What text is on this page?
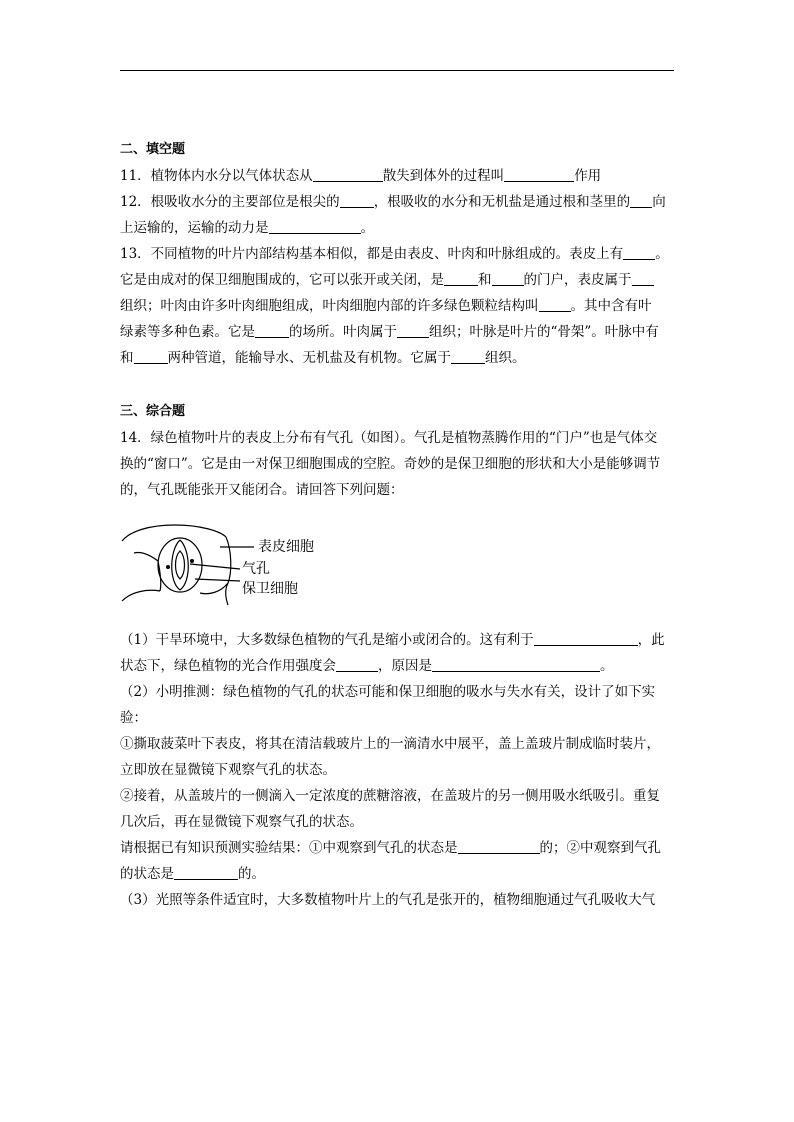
二、填空题
11．植物体内水分以气体状态从	散失到体外的过程叫	作用
12．根吸收水分的主要部位是根尖的	，根吸收的水分和无机盐是通过根和茎里的 向
上运输的，运输的动力是	。
13．不同植物的叶片内部结构基本相似，都是由表皮、叶肉和叶脉组成的。表皮上有 。
它是由成对的保卫细胞围成的，它可以张开或关闭，是	和 的门户，表皮属于
组织；叶肉由许多叶肉细胞组成，叶肉细胞内部的许多绿色颗粒结构叫 。其中含有叶
绿素等多种色素。它是	的场所。叶肉属于 组织；叶脉是叶片的“骨架”。叶脉中有
和	两种管道，能输导水、无机盐及有机物。它属于	组织。
三、综合题
14．绿色植物叶片的表皮上分布有气孔（如图）。气孔是植物蒸腾作用的“门户”也是气体交
换的“窗口”。它是由一对保卫细胞围成的空腔。奇妙的是保卫细胞的形状和大小是能够调节
的，气孔既能张开又能闭合。请回答下列问题：
表皮细胞
气孔
保卫细胞
（1）干旱环境中，大多数绿色植物的气孔是缩小或闭合的。这有利于	，此
状态下，绿色植物的光合作用强度会	，原因是	。
（2）小明推测：绿色植物的气孔的状态可能和保卫细胞的吸水与失水有关，设计了如下实
验：
①撕取菠菜叶下表皮，将其在清洁载玻片上的一滴清水中展平，盖上盖玻片制成临时装片，
立即放在显微镜下观察气孔的状态。
②接着，从盖玻片的一侧滴入一定浓度的蔗糖溶液，在盖玻片的另一侧用吸水纸吸引。重复
几次后，再在显微镜下观察气孔的状态。
请根据已有知识预测实验结果：①中观察到气孔的状态是	的；②中观察到气孔
的状态是	的。
（3）光照等条件适宜时，大多数植物叶片上的气孔是张开的，植物细胞通过气孔吸收大气
